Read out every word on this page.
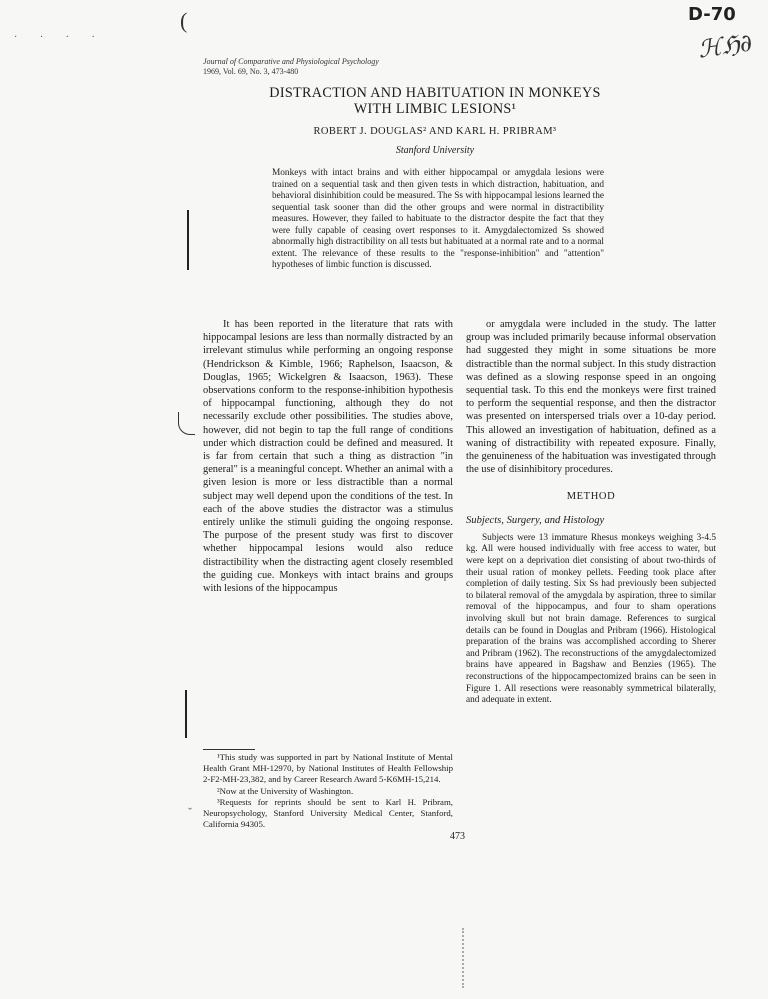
(
· · · ·
ˇ
D-70
ℋℌ∂
Journal of Comparative and Physiological Psychology
1969, Vol. 69, No. 3, 473-480
DISTRACTION AND HABITUATION IN MONKEYS
WITH LIMBIC LESIONS¹
ROBERT J. DOUGLAS² AND KARL H. PRIBRAM³
Stanford University
Monkeys with intact brains and with either hippocampal or amygdala lesions were trained on a sequential task and then given tests in which distraction, habituation, and behavioral disinhibition could be measured. The Ss with hippocampal lesions learned the sequential task sooner than did the other groups and were normal in distractibility measures. However, they failed to habituate to the distractor despite the fact that they were fully capable of ceasing overt responses to it. Amygdalectomized Ss showed abnormally high distractibility on all tests but habituated at a normal rate and to a normal extent. The relevance of these results to the "response-inhibition" and "attention" hypotheses of limbic function is discussed.

It has been reported in the literature that rats with hippocampal lesions are less than normally distracted by an irrelevant stimulus while performing an ongoing response (Hendrickson & Kimble, 1966; Raphelson, Isaacson, & Douglas, 1965; Wickelgren & Isaacson, 1963). These observations conform to the response-inhibition hypothesis of hippocampal functioning, although they do not necessarily exclude other possibilities. The studies above, however, did not begin to tap the full range of conditions under which distraction could be defined and measured. It is far from certain that such a thing as distraction "in general" is a meaningful concept. Whether an animal with a given lesion is more or less distractible than a normal subject may well depend upon the conditions of the test. In each of the above studies the distractor was a stimulus entirely unlike the stimuli guiding the ongoing response. The purpose of the present study was first to discover whether hippocampal lesions would also reduce distractibility when the distracting agent closely resembled the guiding cue. Monkeys with intact brains and groups with lesions of the hippocampus

or amygdala were included in the study. The latter group was included primarily because informal observation had suggested they might in some situations be more distractible than the normal subject. In this study distraction was defined as a slowing response speed in an ongoing sequential task. To this end the monkeys were first trained to perform the sequential response, and then the distractor was presented on interspersed trials over a 10-day period. This allowed an investigation of habituation, defined as a waning of distractibility with repeated exposure. Finally, the genuineness of the habituation was investigated through the use of disinhibitory procedures.

METHOD
Subjects, Surgery, and Histology

Subjects were 13 immature Rhesus monkeys weighing 3-4.5 kg. All were housed individually with free access to water, but were kept on a deprivation diet consisting of about two-thirds of their usual ration of monkey pellets. Feeding took place after completion of daily testing. Six Ss had previously been subjected to bilateral removal of the amygdala by aspiration, three to similar removal of the hippocampus, and four to sham operations involving skull but not brain damage. References to surgical details can be found in Douglas and Pribram (1966). Histological preparation of the brains was accomplished according to Sherer and Pribram (1962). The reconstructions of the amygdalectomized brains have appeared in Bagshaw and Benzies (1965). The reconstructions of the hippocampectomized brains can be seen in Figure 1. All resections were reasonably symmetrical bilaterally, and adequate in extent.

¹This study was supported in part by National Institute of Mental Health Grant MH-12970, by National Institutes of Health Fellowship 2-F2-MH-23,382, and by Career Research Award 5-K6MH-15,214.

²Now at the University of Washington.

³Requests for reprints should be sent to Karl H. Pribram, Neuropsychology, Stanford University Medical Center, Stanford, California 94305.

473
